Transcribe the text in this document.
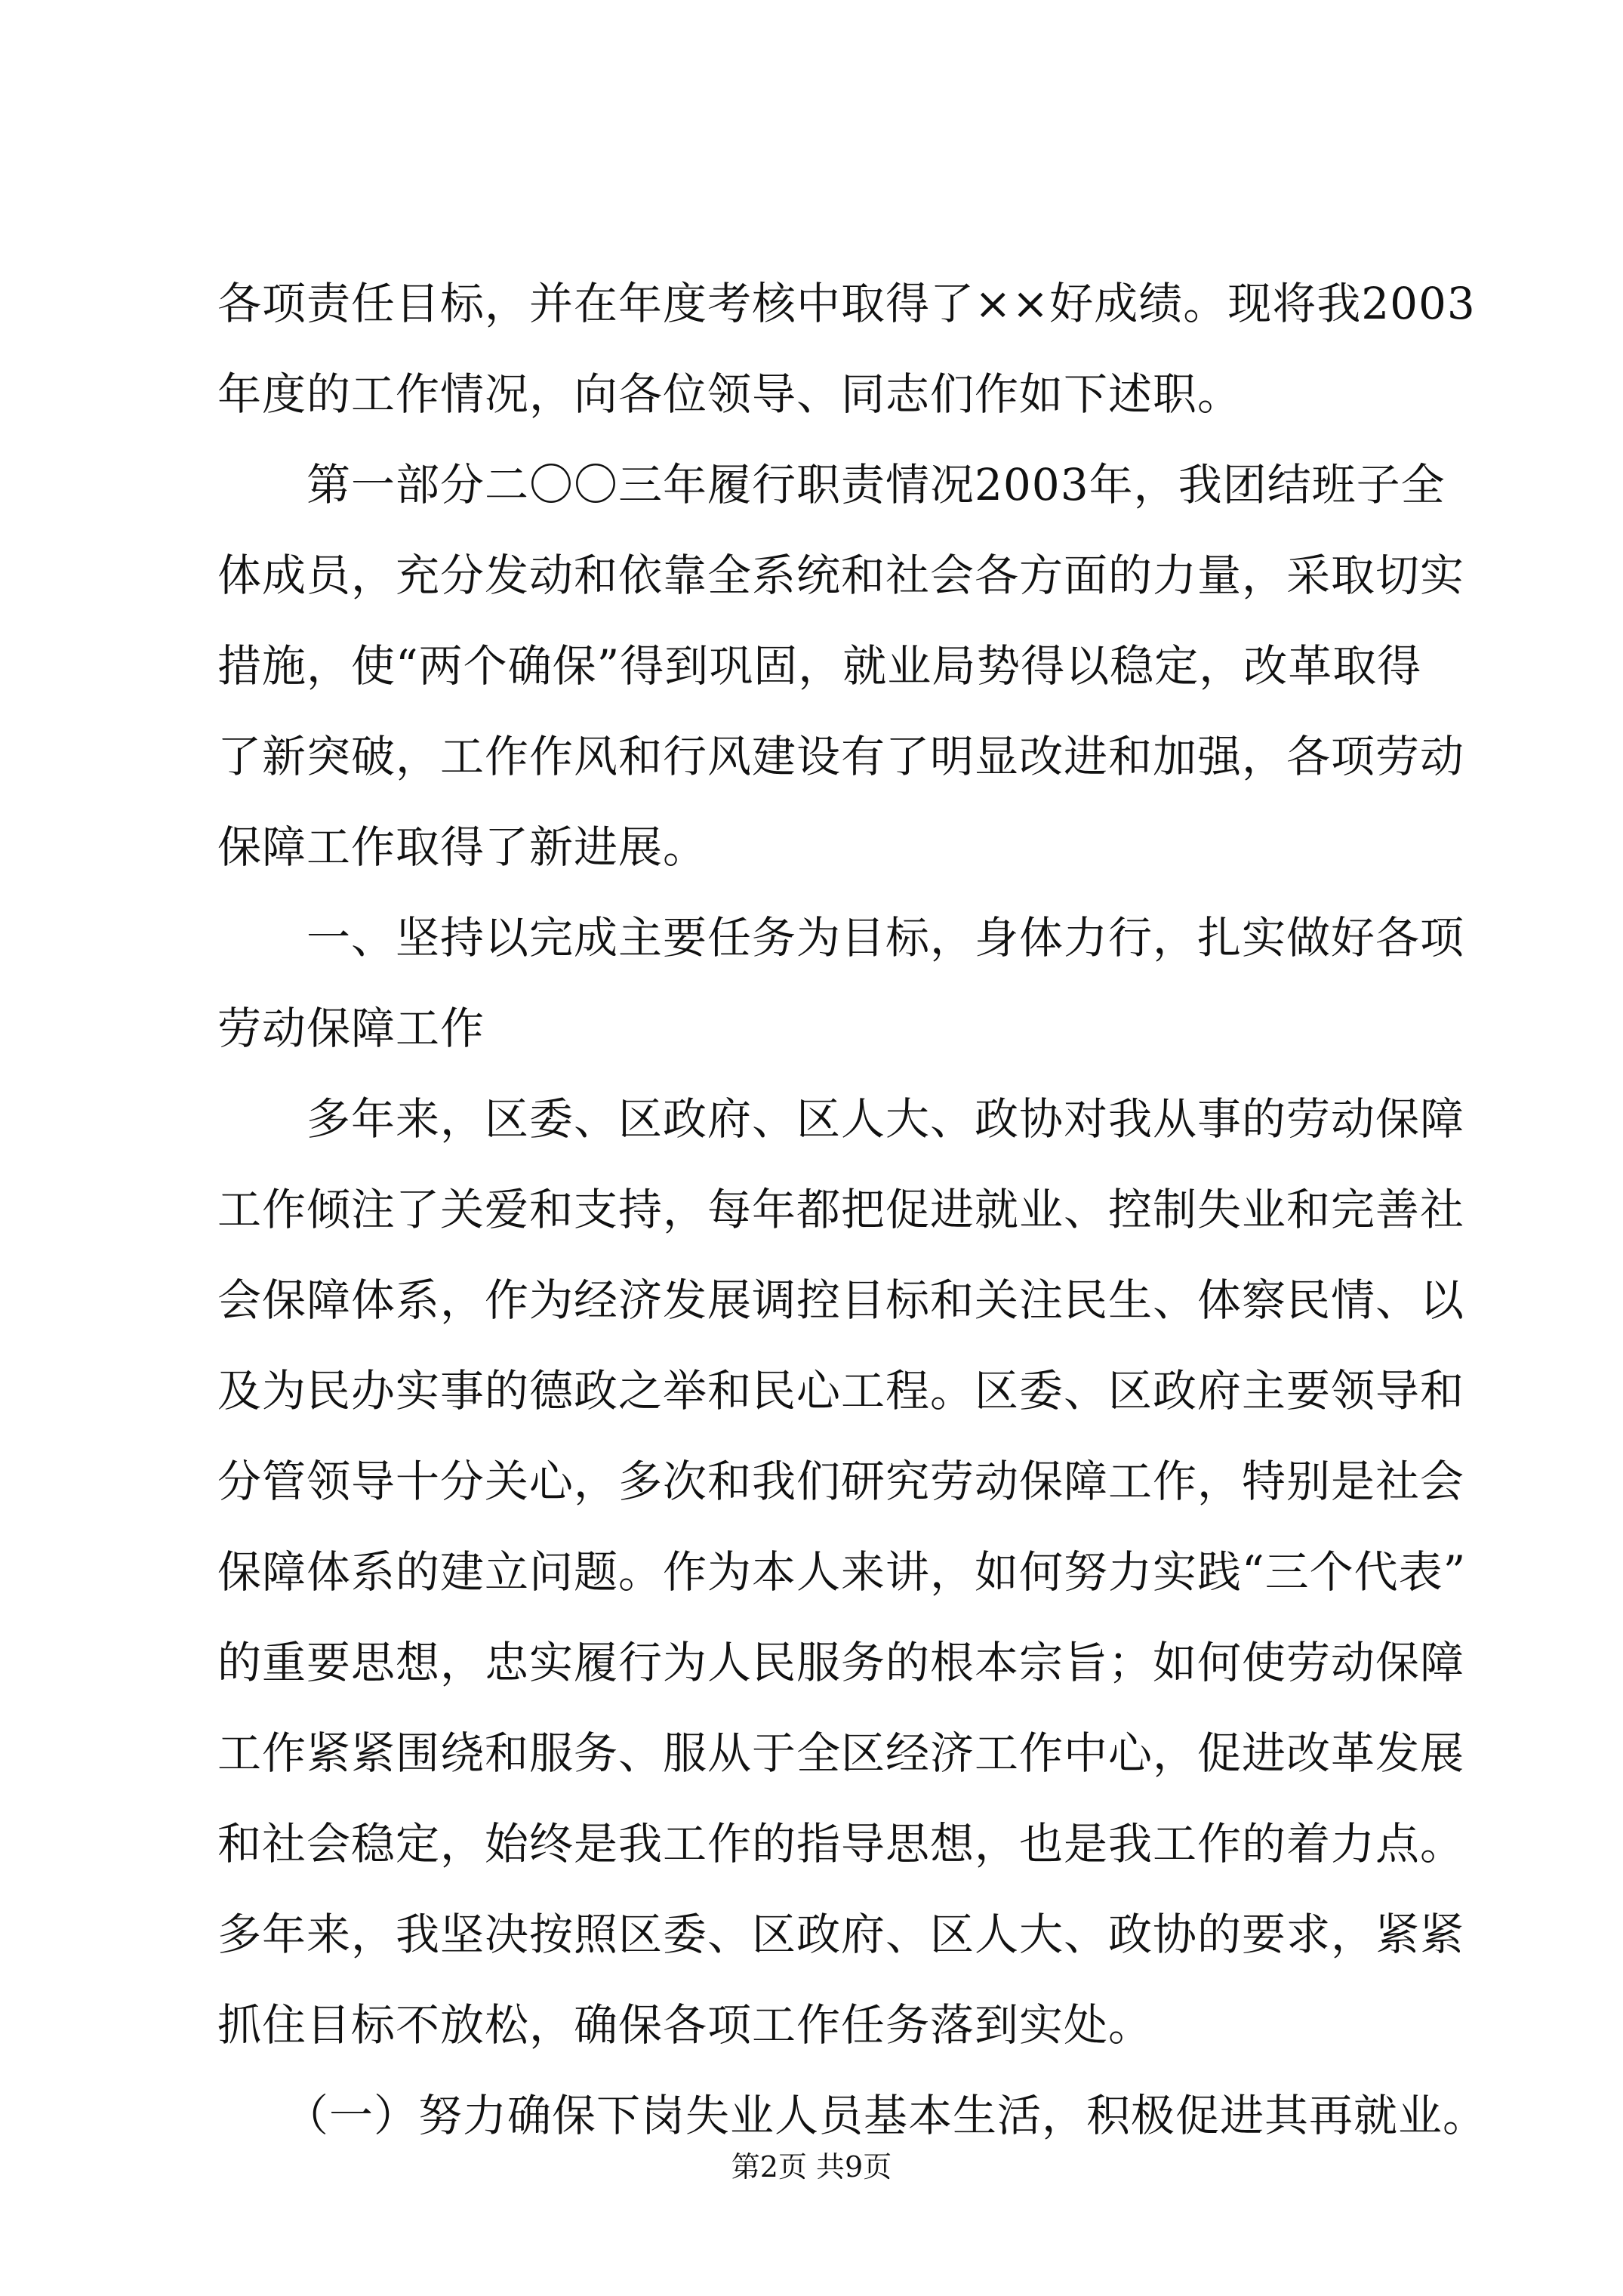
各项责任目标，并在年度考核中取得了××好成绩。现将我2003
年度的工作情况，向各位领导、同志们作如下述职。
　　第一部分二〇〇三年履行职责情况2003年，我团结班子全
体成员，充分发动和依靠全系统和社会各方面的力量，采取切实
措施，使“两个确保”得到巩固，就业局势得以稳定，改革取得
了新突破，工作作风和行风建设有了明显改进和加强，各项劳动
保障工作取得了新进展。
　　一、坚持以完成主要任务为目标，身体力行，扎实做好各项
劳动保障工作
　　多年来，区委、区政府、区人大、政协对我从事的劳动保障
工作倾注了关爱和支持，每年都把促进就业、控制失业和完善社
会保障体系，作为经济发展调控目标和关注民生、体察民情、以
及为民办实事的德政之举和民心工程。区委、区政府主要领导和
分管领导十分关心，多次和我们研究劳动保障工作，特别是社会
保障体系的建立问题。作为本人来讲，如何努力实践“三个代表”
的重要思想，忠实履行为人民服务的根本宗旨；如何使劳动保障
工作紧紧围绕和服务、服从于全区经济工作中心，促进改革发展
和社会稳定，始终是我工作的指导思想，也是我工作的着力点。
多年来，我坚决按照区委、区政府、区人大、政协的要求，紧紧
抓住目标不放松，确保各项工作任务落到实处。
　　（一）努力确保下岗失业人员基本生活，积极促进其再就业。
第2页 共9页
